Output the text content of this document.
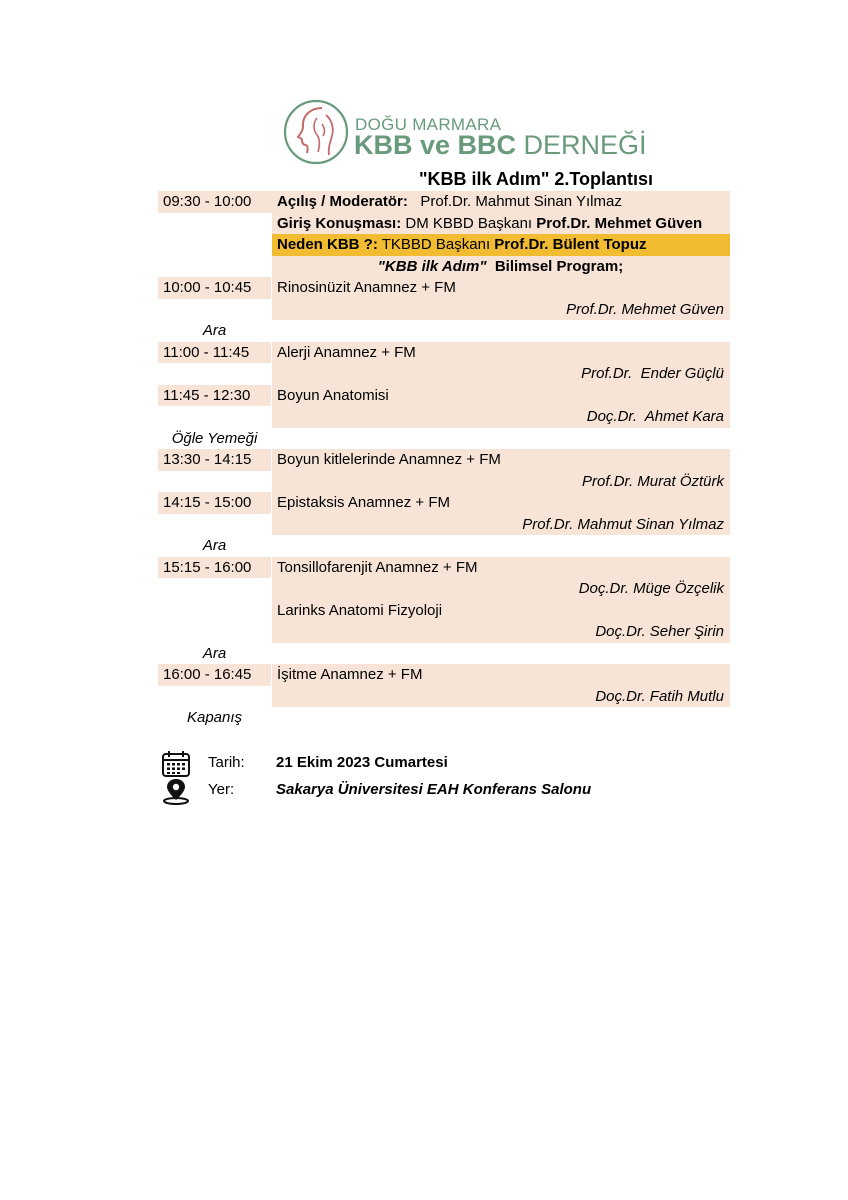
DOĞU MARMARA
KBB ve BBC DERNEĞİ
"KBB ilk Adım" 2.Toplantısı
09:30 - 10:00	Açılış / Moderatör:   Prof.Dr. Mahmut Sinan Yılmaz
Giriş Konuşması: DM KBBD Başkanı Prof.Dr. Mehmet Güven
Neden KBB ?: TKBBD Başkanı Prof.Dr. Bülent Topuz
"KBB ilk Adım"  Bilimsel Program;
10:00 - 10:45	Rinosinüzit Anamnez + FM
Prof.Dr. Mehmet Güven
Ara
11:00 - 11:45	Alerji Anamnez + FM
Prof.Dr.  Ender Güçlü
11:45 - 12:30	Boyun Anatomisi
Doç.Dr.  Ahmet Kara
Öğle Yemeği
13:30 - 14:15	Boyun kitlelerinde Anamnez + FM
Prof.Dr. Murat Öztürk
14:15 - 15:00	Epistaksis Anamnez + FM
Prof.Dr. Mahmut Sinan Yılmaz
Ara
15:15 - 16:00	Tonsillofarenjit Anamnez + FM
Doç.Dr. Müge Özçelik
Larinks Anatomi Fizyoloji
Doç.Dr. Seher Şirin
Ara
16:00 - 16:45	İşitme Anamnez + FM
Doç.Dr. Fatih Mutlu
Kapanış
Tarih: 21 Ekim 2023 Cumartesi
Yer:	Sakarya Üniversitesi EAH Konferans Salonu
